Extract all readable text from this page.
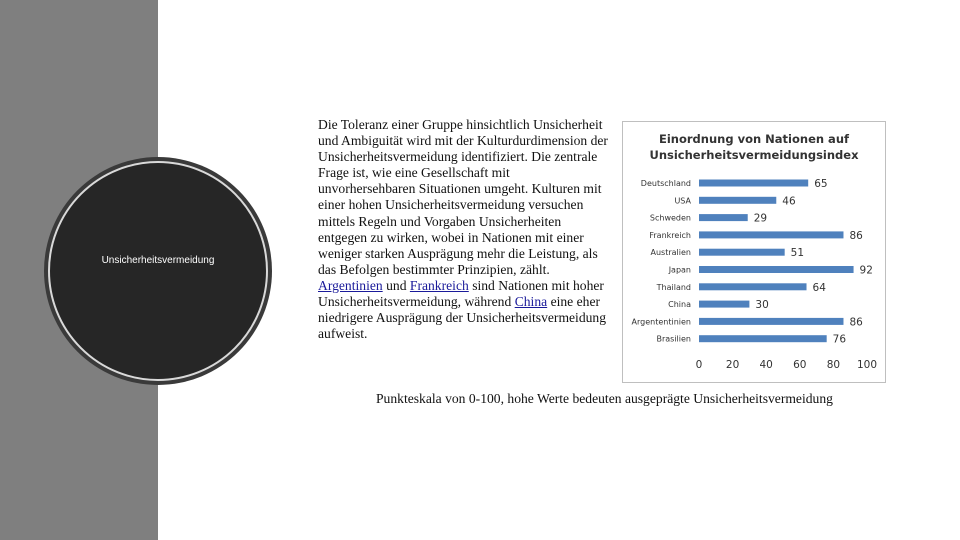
Unsicherheitsvermeidung
Die Toleranz einer Gruppe hinsichtlich Unsicherheit und Ambiguität wird mit der Kulturdurdimension der Unsicherheitsvermeidung identifiziert. Die zentrale Frage ist, wie eine Gesellschaft mit unvorhersehbaren Situationen umgeht. Kulturen mit einer hohen Unsicherheitsvermeidung versuchen mittels Regeln und Vorgaben Unsicherheiten entgegen zu wirken, wobei in Nationen mit einer weniger starken Ausprägung mehr die Leistung, als das Befolgen bestimmter Prinzipien, zählt. Argentinien und Frankreich sind Nationen mit hoher Unsicherheitsvermeidung, während China eine eher niedrigere Ausprägung der Unsicherheitsvermeidung aufweist.
Einordnung von Nationen auf Unsicherheitsvermeidungsindex
Deutschland	65
USA	46
Schweden	29
Frankreich	86
Australien	51
Japan	92
Thailand	64
China	30
Argententinien	86
Brasilien	76
0 20 40 60 80 100
Punkteskala von 0-100, hohe Werte bedeuten ausgeprägte Unsicherheitsvermeidung
